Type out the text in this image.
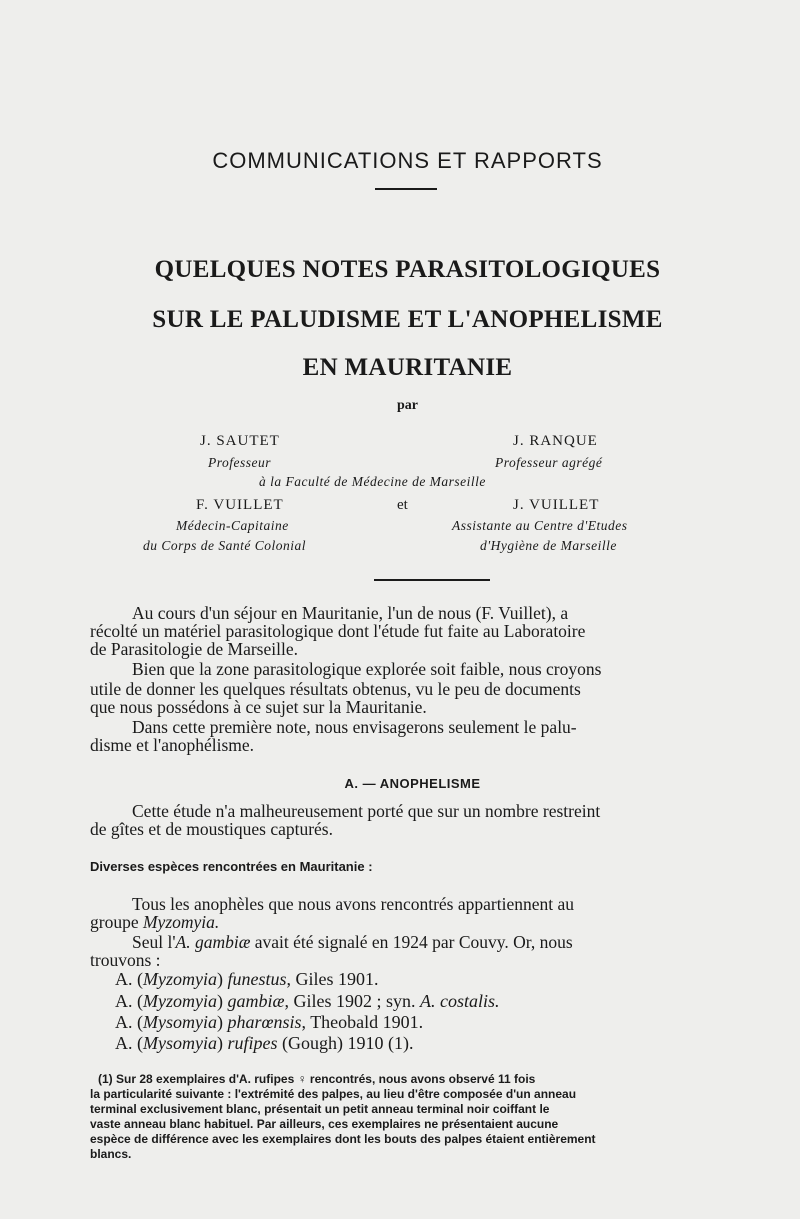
COMMUNICATIONS ET RAPPORTS
QUELQUES NOTES PARASITOLOGIQUES
SUR LE PALUDISME ET L'ANOPHELISME
EN MAURITANIE
par
J. SAUTET
Professeur
J. RANQUE
Professeur agrégé
à la Faculté de Médecine de Marseille
F. VUILLET	et	J. VUILLET
Médecin-Capitaine
du Corps de Santé Colonial
Assistante au Centre d'Etudes
d'Hygiène de Marseille
Au cours d'un séjour en Mauritanie, l'un de nous (F. Vuillet), a
récolté un matériel parasitologique dont l'étude fut faite au Laboratoire
de Parasitologie de Marseille.
Bien que la zone parasitologique explorée soit faible, nous croyons
utile de donner les quelques résultats obtenus, vu le peu de documents
que nous possédons à ce sujet sur la Mauritanie.
Dans cette première note, nous envisagerons seulement le palu-
disme et l'anophélisme.
A. — ANOPHELISME
Cette étude n'a malheureusement porté que sur un nombre restreint
de gîtes et de moustiques capturés.
Diverses espèces rencontrées en Mauritanie :
Tous les anophèles que nous avons rencontrés appartiennent au
groupe Myzomyia.
Seul l'A. gambiæ avait été signalé en 1924 par Couvy. Or, nous
trouvons :
A. (Myzomyia) funestus, Giles 1901.
A. (Myzomyia) gambiæ, Giles 1902 ; syn. A. costalis.
A. (Mysomyia) pharœnsis, Theobald 1901.
A. (Mysomyia) rufipes (Gough) 1910 (1).
(1) Sur 28 exemplaires d'A. rufipes ♀ rencontrés, nous avons observé 11 fois
la particularité suivante : l'extrémité des palpes, au lieu d'être composée d'un anneau
terminal exclusivement blanc, présentait un petit anneau terminal noir coiffant le
vaste anneau blanc habituel. Par ailleurs, ces exemplaires ne présentaient aucune
espèce de différence avec les exemplaires dont les bouts des palpes étaient entièrement
blancs.
